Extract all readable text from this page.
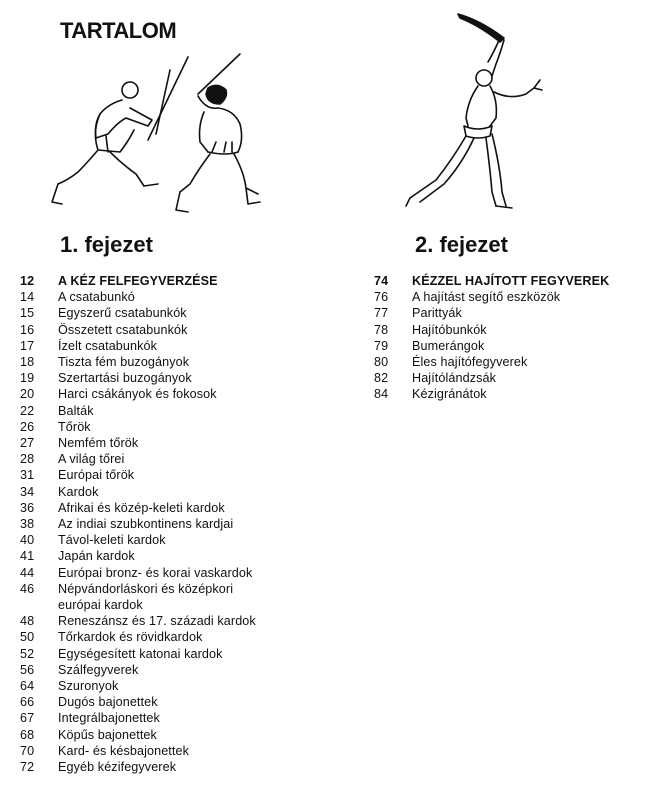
TARTALOM
1. fejezet	2. fejezet
12	A KÉZ FELFEGYVERZÉSE
14	A csatabunkó
15	Egyszerű csatabunkók
16	Összetett csatabunkók
17	Ízelt csatabunkók
18	Tiszta fém buzogányok
19	Szertartási buzogányok
20	Harci csákányok és fokosok
22	Balták
26	Tőrök
27	Nemfém tőrök
28	A világ tőrei
31	Európai tőrök
34	Kardok
36	Afrikai és közép-keleti kardok
38	Az indiai szubkontinens kardjai
40	Távol-keleti kardok
41	Japán kardok
44	Európai bronz- és korai vaskardok
46	Népvándorláskori és középkori
európai kardok
48	Reneszánsz és 17. századi kardok
50	Tőrkardok és rövidkardok
52	Egységesített katonai kardok
56	Szálfegyverek
64	Szuronyok
66	Dugós bajonettek
67	Integrálbajonettek
68	Köpűs bajonettek
70	Kard- és késbajonettek
72	Egyéb kézifegyverek
74	KÉZZEL HAJÍTOTT FEGYVEREK
76	A hajítást segítő eszközök
77	Parittyák
78	Hajítóbunkók
79	Bumerángok
80	Éles hajítófegyverek
82	Hajítólándzsák
84	Kézigránátok
